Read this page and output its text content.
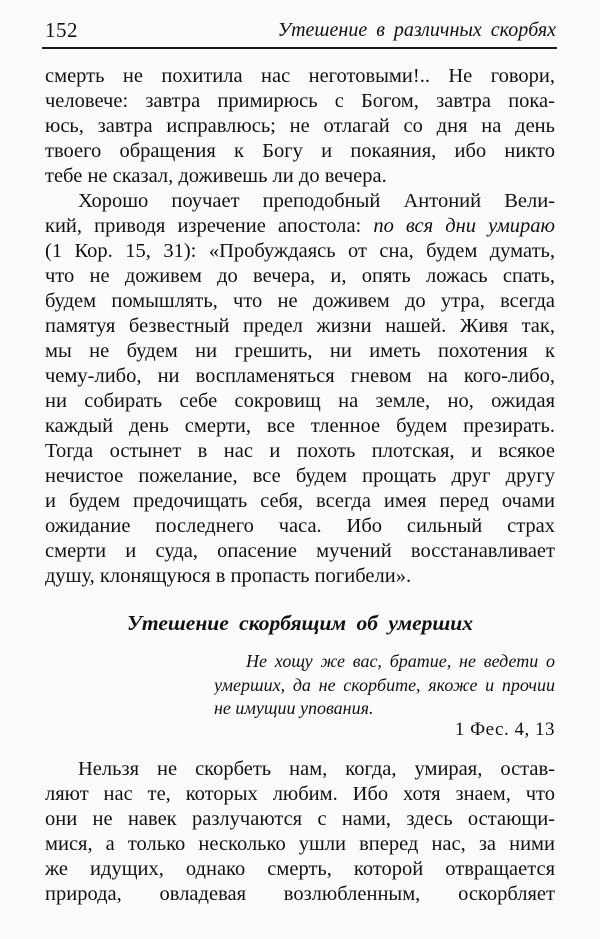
152	Утешение в различных скорбях
смерть не похитила нас неготовыми!.. Не говори,
человече: завтра примирюсь с Богом, завтра пока-
юсь, завтра исправлюсь; не отлагай со дня на день
твоего обращения к Богу и покаяния, ибо никто
тебе не сказал, доживешь ли до вечера.
Хорошо поучает преподобный Антоний Вели-
кий, приводя изречение апостола: по вся дни умираю
(1 Кор. 15, 31): «Пробуждаясь от сна, будем думать,
что не доживем до вечера, и, опять ложась спать,
будем помышлять, что не доживем до утра, всегда
памятуя безвестный предел жизни нашей. Живя так,
мы не будем ни грешить, ни иметь похотения к
чему-либо, ни воспламеняться гневом на кого-либо,
ни собирать себе сокровищ на земле, но, ожидая
каждый день смерти, все тленное будем презирать.
Тогда остынет в нас и похоть плотская, и всякое
нечистое пожелание, все будем прощать друг другу
и будем предочищать себя, всегда имея перед очами
ожидание последнего часа. Ибо сильный страх
смерти и суда, опасение мучений восстанавливает
душу, клонящуюся в пропасть погибели».
Утешение скорбящим об умерших
Не хощу же вас, братие, не ведети о
умерших, да не скорбите, якоже и прочии
не имущии упования.
1 Фес. 4, 13
Нельзя не скорбеть нам, когда, умирая, остав-
ляют нас те, которых любим. Ибо хотя знаем, что
они не навек разлучаются с нами, здесь остающи-
мися, а только несколько ушли вперед нас, за ними
же идущих, однако смерть, которой отвращается
природа, овладевая возлюбленным, оскорбляет
